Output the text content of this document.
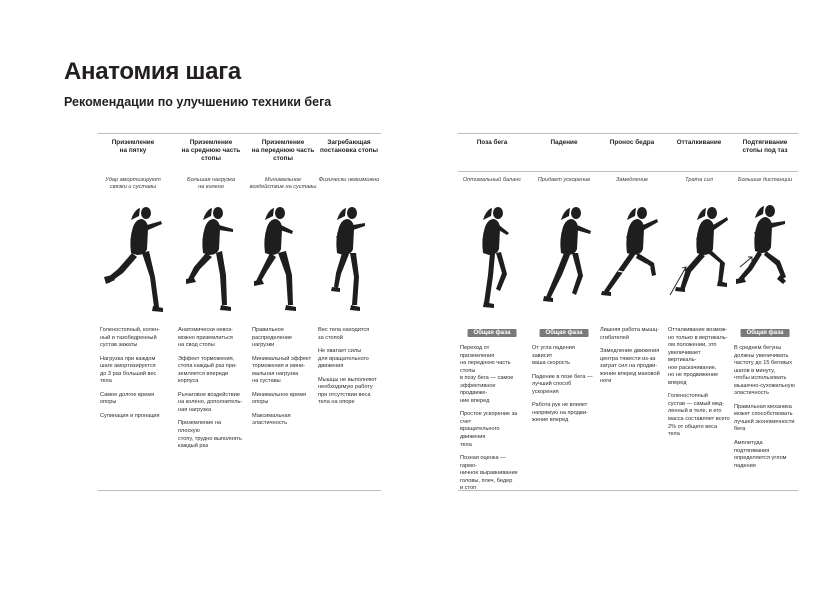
Анатомия шага
Рекомендации по улучшению техники бега
Приземление
на пятку
Удар амортизируют
связки и суставы

Голеностопный, колен-
ный и тазобедренный
сустав зажаты

Нагрузка при каждом
шаге амортизируется
до 3 раз больший вес
тела

Самое долгое время
опоры

Супинация и пронация

Приземление
на среднюю часть
стопы
Большая нагрузка
на колено

Анатомически невоз-
можно приземлиться
на свод стопы

Эффект торможения,
стопа каждый раз при-
земляется впереди
корпуса

Рычаговое воздействие
на колено, дополнитель-
ная нагрузка

Приземление на плоскую
стопу, трудно выполнять
каждый раз

Приземление
на переднюю часть
стопы
Минимальное
воздействие на суставы

Правильное
распределение
нагрузки

Минимальный эффект
торможения и мини-
мальная нагрузка
на суставы

Минимальное время
опоры

Максимальная
эластичность

Загребающая
постановка стопы
Физически невозможно

Вес тела находится
за стопой

Не хватает силы
для вращательного
движения

Мышцы не выполняют
необходимую работу
при отсутствии веса
тела на опоре

Поза бега
Оптимальный баланс
Общая фаза

Переход от приземления
на переднюю часть стопы
в позу бега — самое
эффективное продвиже-
ние вперед

Простое ускорение за счет
вращательного движения
тела

Позная оценка — гармо-
ничное выравнивание
головы, плеч, бедер
и стоп

Падение
Придает ускорение
Общая фаза

От угла падения зависит
ваша скорость

Падение в позе бега —
лучший способ
ускорения

Работа рук не влияет
напрямую на продви-
жение вперед

Пронос бедра
Замедление

Лишняя работа мышц-
сгибателей

Замедление движения
центра тяжести из-за
затрат сил на продви-
жение вперед маховой
ноги

Отталкивание
Трата сил

Отталкивание возмож-
но только в вертикаль-
ом положении, это
увеличивает вертикаль-
ное раскачивание,
но не продвижение
вперед

Голеностопный
сустав — самый мед-
ленный в теле, и его
масса составляет всего
2% от общего веса тела

Подтягивание
стопы под таз
Большие дистанции
Общая фаза

В среднем бегуны
должны увеличивать
частоту до 15 беговых
шагов в минуту,
чтобы использовать
мышечно-сухожильную
эластичность

Правильная механика
может способствовать
лучшей экономичности
бега

Амплитуда подтягивания
определяется углом
падения
